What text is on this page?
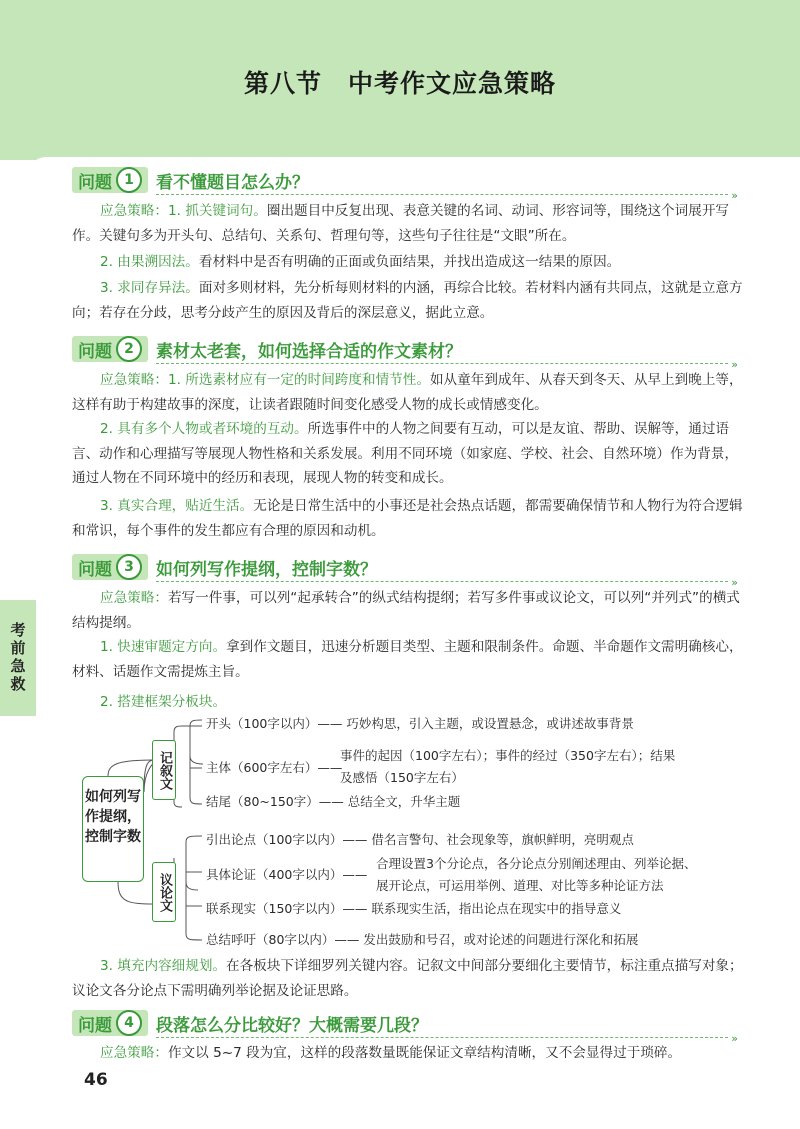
第八节　中考作文应急策略
问题 1	看不懂题目怎么办？
»
应急策略：1. 抓关键词句。圈出题目中反复出现、表意关键的名词、动词、形容词等，围绕这个词展开写作。关键句多为开头句、总结句、关系句、哲理句等，这些句子往往是“文眼”所在。
2. 由果溯因法。看材料中是否有明确的正面或负面结果，并找出造成这一结果的原因。
3. 求同存异法。面对多则材料，先分析每则材料的内涵，再综合比较。若材料内涵有共同点，这就是立意方向；若存在分歧，思考分歧产生的原因及背后的深层意义，据此立意。
问题 2	素材太老套，如何选择合适的作文素材？
»
应急策略：1. 所选素材应有一定的时间跨度和情节性。如从童年到成年、从春天到冬天、从早上到晚上等，这样有助于构建故事的深度，让读者跟随时间变化感受人物的成长或情感变化。
2. 具有多个人物或者环境的互动。所选事件中的人物之间要有互动，可以是友谊、帮助、误解等，通过语言、动作和心理描写等展现人物性格和关系发展。利用不同环境（如家庭、学校、社会、自然环境）作为背景，通过人物在不同环境中的经历和表现，展现人物的转变和成长。
3. 真实合理，贴近生活。无论是日常生活中的小事还是社会热点话题，都需要确保情节和人物行为符合逻辑和常识，每个事件的发生都应有合理的原因和动机。
问题 3	如何列写作提纲，控制字数？
»
应急策略：若写一件事，可以列“起承转合”的纵式结构提纲；若写多件事或议论文，可以列“并列式”的横式结构提纲。
1. 快速审题定方向。拿到作文题目，迅速分析题目类型、主题和限制条件。命题、半命题作文需明确核心，材料、话题作文需提炼主旨。
2. 搭建框架分板块。
如何列写作提纲，控制字数
记叙文
议论文
开头（100字以内）—— 巧妙构思，引入主题，或设置悬念，或讲述故事背景
主体（600字左右）——
事件的起因（100字左右）；事件的经过（350字左右）；结果
及感悟（150字左右）
结尾（80~150字）—— 总结全文，升华主题
引出论点（100字以内）—— 借名言警句、社会现象等，旗帜鲜明，亮明观点
具体论证（400字以内）——
合理设置3个分论点，各分论点分别阐述理由、列举论据、
展开论点，可运用举例、道理、对比等多种论证方法
联系现实（150字以内）—— 联系现实生活，指出论点在现实中的指导意义
总结呼吁（80字以内）—— 发出鼓励和号召，或对论述的问题进行深化和拓展
3. 填充内容细规划。在各板块下详细罗列关键内容。记叙文中间部分要细化主要情节，标注重点描写对象；议论文各分论点下需明确列举论据及论证思路。
问题 4	段落怎么分比较好？大概需要几段？
»
应急策略：作文以 5~7 段为宜，这样的段落数量既能保证文章结构清晰，又不会显得过于琐碎。
考前急救
46
